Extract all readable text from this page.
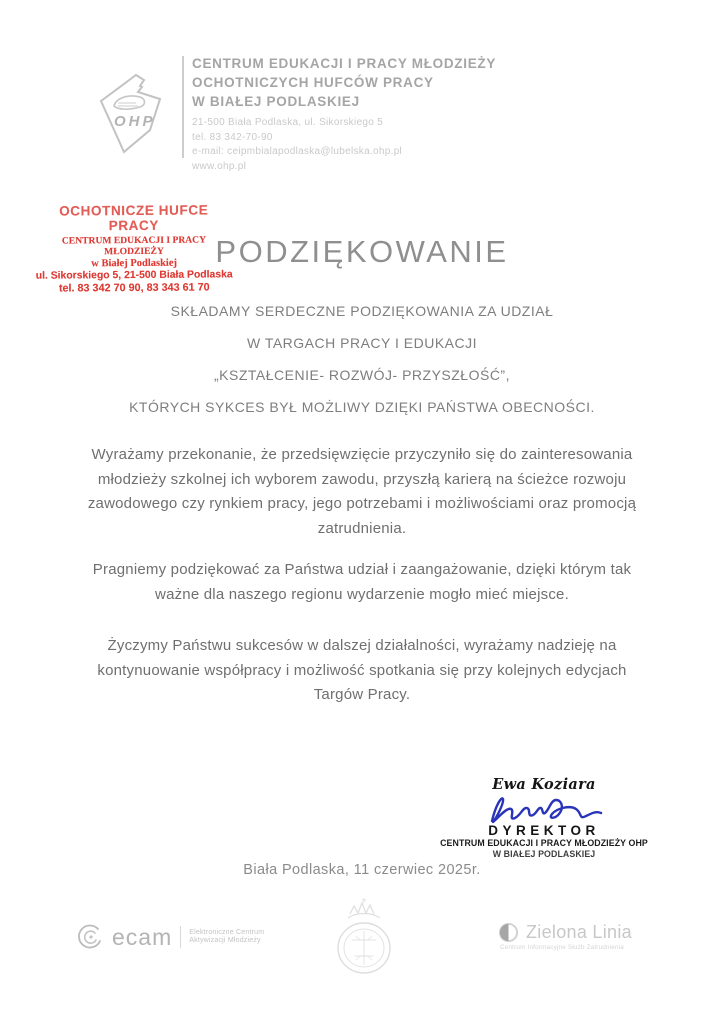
OHP
CENTRUM EDUKACJI I PRACY MŁODZIEŻY
OCHOTNICZYCH HUFCÓW PRACY
W BIAŁEJ PODLASKIEJ
21-500 Biała Podlaska, ul. Sikorskiego 5
tel. 83 342-70-90
e-mail: ceipmbialapodlaska@lubelska.ohp.pl
www.ohp.pl
OCHOTNICZE HUFCE PRACY
CENTRUM EDUKACJI I PRACY MŁODZIEŻY
w Białej Podlaskiej
ul. Sikorskiego 5, 21-500 Biała Podlaska
tel. 83 342 70 90, 83 343 61 70
PODZIĘKOWANIE
SKŁADAMY SERDECZNE PODZIĘKOWANIA ZA UDZIAŁ
W TARGACH PRACY I EDUKACJI
„KSZTAŁCENIE- ROZWÓJ- PRZYSZŁOŚĆ”,
KTÓRYCH SYKCES BYŁ MOŻLIWY DZIĘKI PAŃSTWA OBECNOŚCI.
Wyrażamy przekonanie, że przedsięwzięcie przyczyniło się do zainteresowania młodzieży szkolnej ich wyborem zawodu, przyszłą karierą na ścieżce rozwoju zawodowego czy rynkiem pracy, jego potrzebami i możliwościami oraz promocją zatrudnienia.
Pragniemy podziękować za Państwa udział i zaangażowanie, dzięki którym tak ważne dla naszego regionu wydarzenie mogło mieć miejsce.
Życzymy Państwu sukcesów w dalszej działalności, wyrażamy nadzieję na kontynuowanie współpracy i możliwość spotkania się przy kolejnych edycjach Targów Pracy.
Ewa Koziara
DYREKTOR
CENTRUM EDUKACJI I PRACY MŁODZIEŻY OHP
W BIAŁEJ PODLASKIEJ
Biała Podlaska, 11 czerwiec 2025r.
ecam Elektroniczne Centrum
Aktywizacji Młodzieży	Zielona Linia
Centrum Informacyjne Służb Zatrudnienia
